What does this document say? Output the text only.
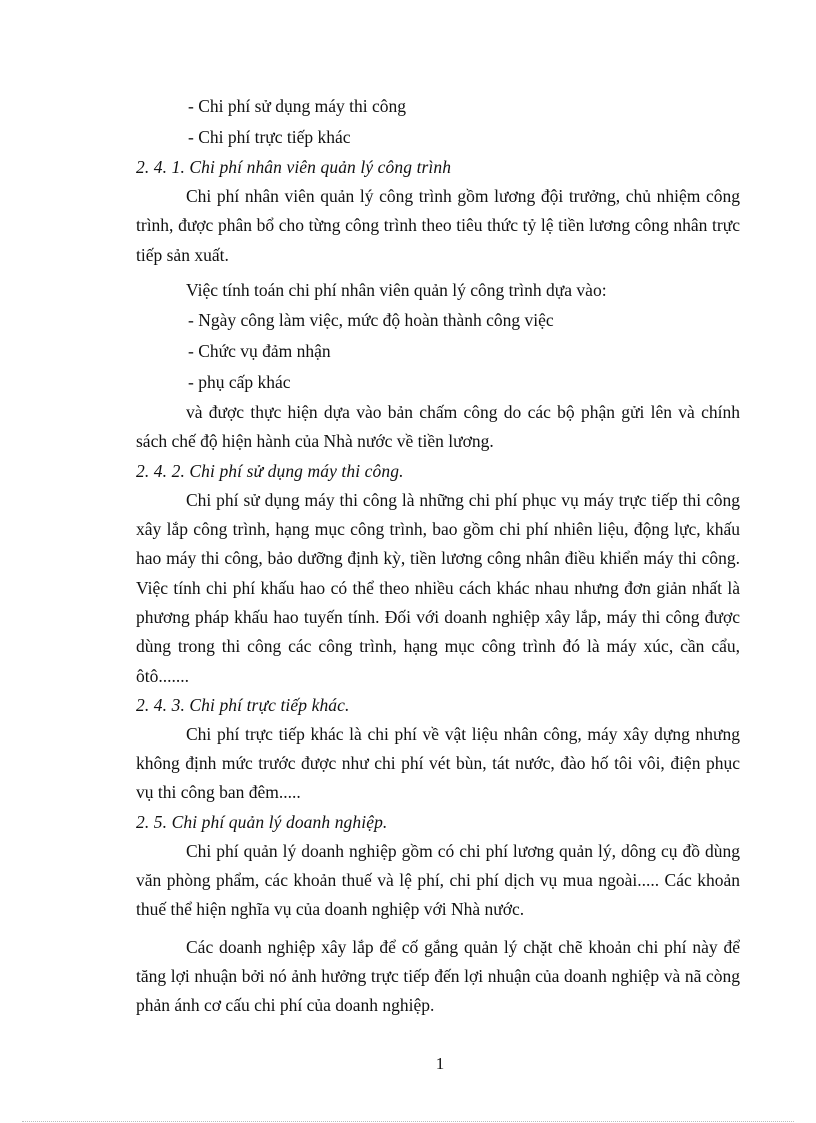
- Chi phí sử dụng máy thi công

- Chi phí trực tiếp khác

2. 4. 1. Chi phí nhân viên quản lý công trình

Chi phí nhân viên quản lý công trình gồm lương đội trưởng, chủ nhiệm công trình, được phân bổ cho từng công trình theo tiêu thức tỷ lệ tiền lương công nhân trực tiếp sản xuất.

Việc tính toán chi phí nhân viên quản lý công trình dựa vào:

- Ngày công làm việc, mức độ hoàn thành công việc

- Chức vụ đảm nhận

- phụ cấp khác

và được thực hiện dựa vào bản chấm công do các bộ phận gửi lên và chính sách chế độ hiện hành của Nhà nước về tiền lương.

2. 4. 2. Chi phí sử dụng máy thi công.

Chi phí sử dụng máy thi công là những chi phí phục vụ máy trực tiếp thi công xây lắp công trình, hạng mục công trình, bao gồm chi phí nhiên liệu, động lực, khấu hao máy thi công, bảo dưỡng định kỳ, tiền lương công nhân điều khiển máy thi công. Việc tính chi phí khấu hao có thể theo nhiều cách khác nhau nhưng đơn giản nhất là phương pháp khấu hao tuyến tính. Đối với doanh nghiệp xây lắp, máy thi công được dùng trong thi công các công trình, hạng mục công trình đó là máy xúc, cần cẩu, ôtô.......

2. 4. 3. Chi phí trực tiếp khác.

Chi phí trực tiếp khác là chi phí về vật liệu nhân công, máy xây dựng nhưng không định mức trước được như chi phí vét bùn, tát nước, đào hố tôi vôi, điện phục vụ thi công ban đêm.....

2. 5. Chi phí quản lý doanh nghiệp.

Chi phí quản lý doanh nghiệp gồm có chi phí lương quản lý, dông cụ đồ dùng văn phòng phẩm, các khoản thuế và lệ phí, chi phí dịch vụ mua ngoài..... Các khoản thuế thể hiện nghĩa vụ của doanh nghiệp với Nhà nước.

Các doanh nghiệp xây lắp để cố gắng quản lý chặt chẽ khoản chi phí này để tăng lợi nhuận bởi nó ảnh hưởng trực tiếp đến lợi nhuận của doanh nghiệp và nã còng phản ánh cơ cấu chi phí của doanh nghiệp.

1
